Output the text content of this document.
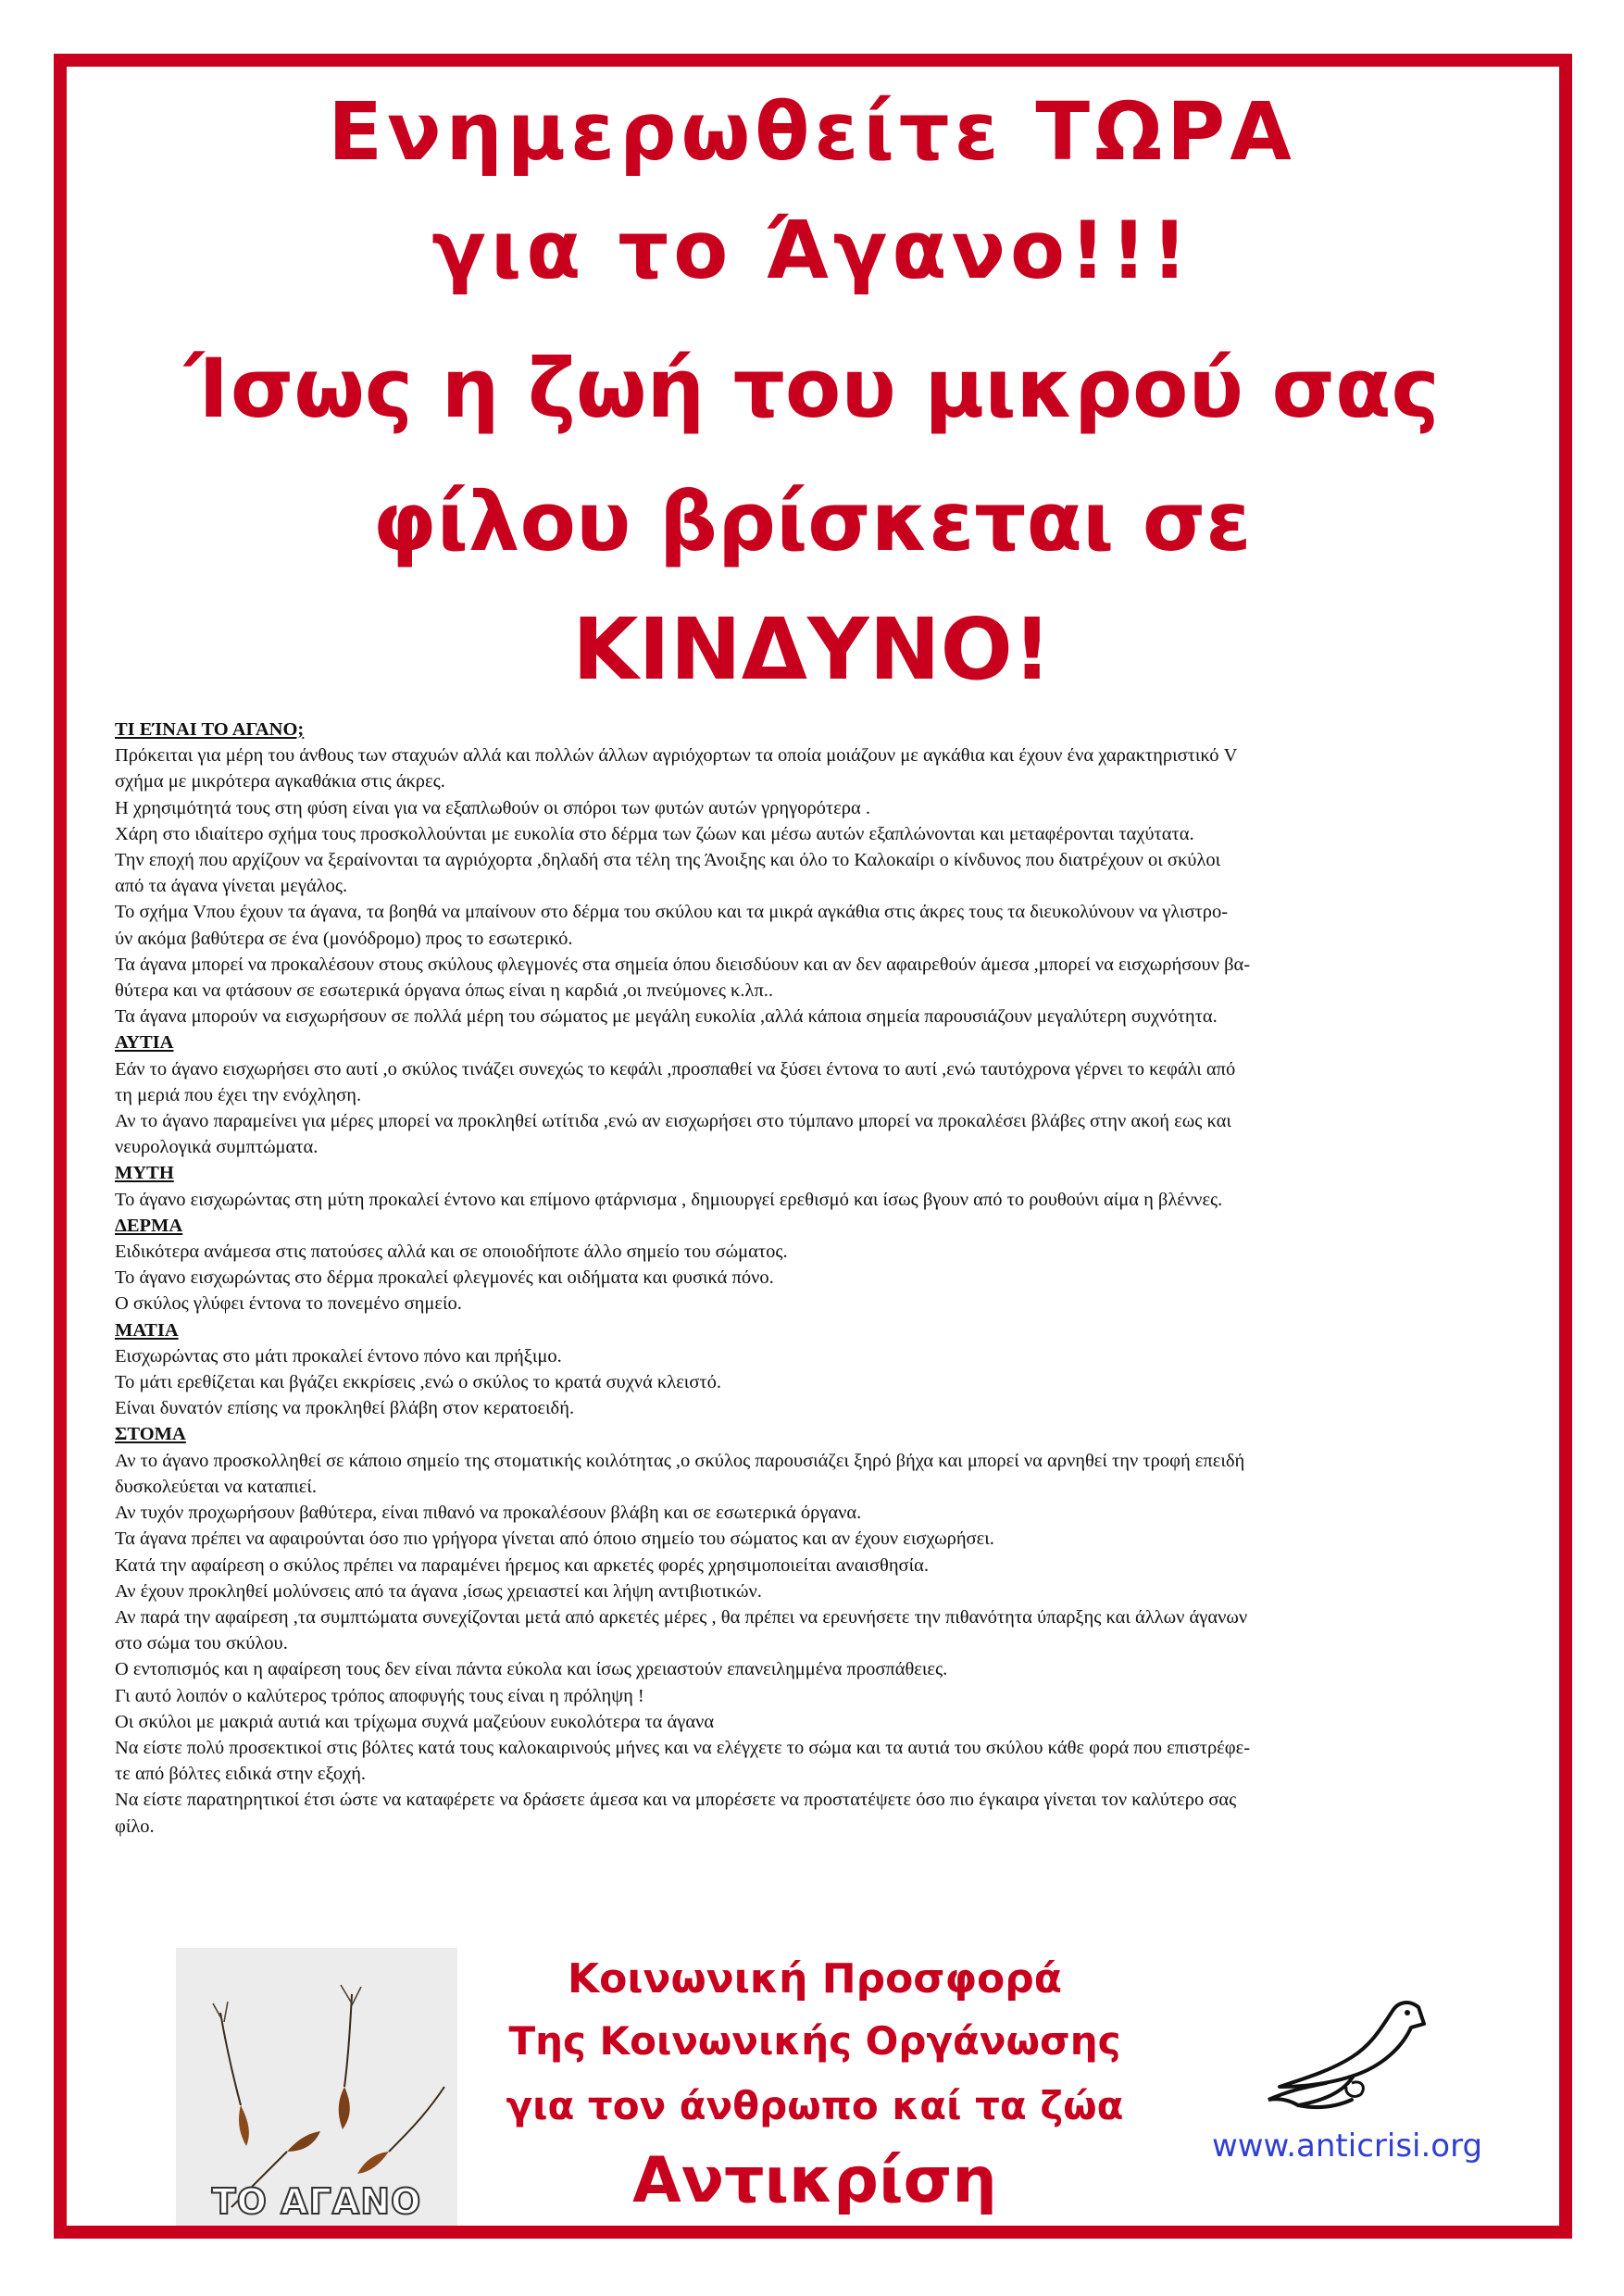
Ενημερωθείτε ΤΩΡΑ
για το Άγανο!!!
Ίσως η ζωή του μικρού σας
φίλου βρίσκεται σε
ΚΙΝΔΥΝΟ!

ΤΙ ΕΊΝΑΙ ΤΟ ΑΓΑΝΟ;

Πρόκειται για μέρη του άνθους των σταχυών αλλά και πολλών άλλων αγριόχορτων τα οποία μοιάζουν με αγκάθια και έχουν ένα χαρακτηριστικό V

σχήμα με μικρότερα αγκαθάκια στις άκρες.

Η χρησιμότητά τους στη φύση είναι για να εξαπλωθούν οι σπόροι των φυτών αυτών γρηγορότερα .

Χάρη στο ιδιαίτερο σχήμα τους προσκολλούνται με ευκολία στο δέρμα των ζώων και μέσω αυτών εξαπλώνονται και μεταφέρονται ταχύτατα.

Την εποχή που αρχίζουν να ξεραίνονται τα αγριόχορτα ,δηλαδή στα τέλη της Άνοιξης και όλο το Καλοκαίρι ο κίνδυνος που διατρέχουν οι σκύλοι

από τα άγανα γίνεται μεγάλος.

Το σχήμα Vπου έχουν τα άγανα, τα βοηθά να μπαίνουν στο δέρμα του σκύλου και τα μικρά αγκάθια στις άκρες τους τα διευκολύνουν να γλιστρο-

ύν ακόμα βαθύτερα σε ένα (μονόδρομο) προς το εσωτερικό.

Τα άγανα μπορεί να προκαλέσουν στους σκύλους φλεγμονές στα σημεία όπου διεισδύουν και αν δεν αφαιρεθούν άμεσα ,μπορεί να εισχωρήσουν βα-

θύτερα και να φτάσουν σε εσωτερικά όργανα όπως είναι η καρδιά ,οι πνεύμονες κ.λπ..

Τα άγανα μπορούν να εισχωρήσουν σε πολλά μέρη του σώματος με μεγάλη ευκολία ,αλλά κάποια σημεία παρουσιάζουν μεγαλύτερη συχνότητα.

ΑΥΤΙΑ

Εάν το άγανο εισχωρήσει στο αυτί ,ο σκύλος τινάζει συνεχώς το κεφάλι ,προσπαθεί να ξύσει έντονα το αυτί ,ενώ ταυτόχρονα γέρνει το κεφάλι από

τη μεριά που έχει την ενόχληση.

Αν το άγανο παραμείνει για μέρες μπορεί να προκληθεί ωτίτιδα ,ενώ αν εισχωρήσει στο τύμπανο μπορεί να προκαλέσει βλάβες στην ακοή εως και

νευρολογικά συμπτώματα.

ΜΥΤΗ

Το άγανο εισχωρώντας στη μύτη προκαλεί έντονο και επίμονο φτάρνισμα , δημιουργεί ερεθισμό και ίσως βγουν από το ρουθούνι αίμα η βλέννες.

ΔΕΡΜΑ

Ειδικότερα ανάμεσα στις πατούσες αλλά και σε οποιοδήποτε άλλο σημείο του σώματος.

Το άγανο εισχωρώντας στο δέρμα προκαλεί φλεγμονές και οιδήματα και φυσικά πόνο.

Ο σκύλος γλύφει έντονα το πονεμένο σημείο.

ΜΑΤΙΑ

Εισχωρώντας στο μάτι προκαλεί έντονο πόνο και πρήξιμο.

Το μάτι ερεθίζεται και βγάζει εκκρίσεις ,ενώ ο σκύλος το κρατά συχνά κλειστό.

Είναι δυνατόν επίσης να προκληθεί βλάβη στον κερατοειδή.

ΣΤΟΜΑ

Αν το άγανο προσκολληθεί σε κάποιο σημείο της στοματικής κοιλότητας ,ο σκύλος παρουσιάζει ξηρό βήχα και μπορεί να αρνηθεί την τροφή επειδή

δυσκολεύεται να καταπιεί.

Αν τυχόν προχωρήσουν βαθύτερα, είναι πιθανό να προκαλέσουν βλάβη και σε εσωτερικά όργανα.

Τα άγανα πρέπει να αφαιρούνται όσο πιο γρήγορα γίνεται από όποιο σημείο του σώματος και αν έχουν εισχωρήσει.

Κατά την αφαίρεση ο σκύλος πρέπει να παραμένει ήρεμος και αρκετές φορές χρησιμοποιείται αναισθησία.

Αν έχουν προκληθεί μολύνσεις από τα άγανα ,ίσως χρειαστεί και λήψη αντιβιοτικών.

Αν παρά την αφαίρεση ,τα συμπτώματα συνεχίζονται μετά από αρκετές μέρες , θα πρέπει να ερευνήσετε την πιθανότητα ύπαρξης και άλλων άγανων

στο σώμα του σκύλου.

Ο εντοπισμός και η αφαίρεση τους δεν είναι πάντα εύκολα και ίσως χρειαστούν επανειλημμένα προσπάθειες.

Γι αυτό λοιπόν ο καλύτερος τρόπος αποφυγής τους είναι η πρόληψη !

Οι σκύλοι με μακριά αυτιά και τρίχωμα συχνά μαζεύουν ευκολότερα τα άγανα

Να είστε πολύ προσεκτικοί στις βόλτες κατά τους καλοκαιρινούς μήνες και να ελέγχετε το σώμα και τα αυτιά του σκύλου κάθε φορά που επιστρέφε-

τε από βόλτες ειδικά στην εξοχή.

Να είστε παρατηρητικοί έτσι ώστε να καταφέρετε να δράσετε άμεσα και να μπορέσετε να προστατέψετε όσο πιο έγκαιρα γίνεται τον καλύτερο σας

φίλο.

ΤΟ ΑΓΑΝΟ
Κοινωνική Προσφορά
Της Κοινωνικής Οργάνωσης
για τον άνθρωπο καί τα ζώα
Αντικρίση	www.anticrisi.org
